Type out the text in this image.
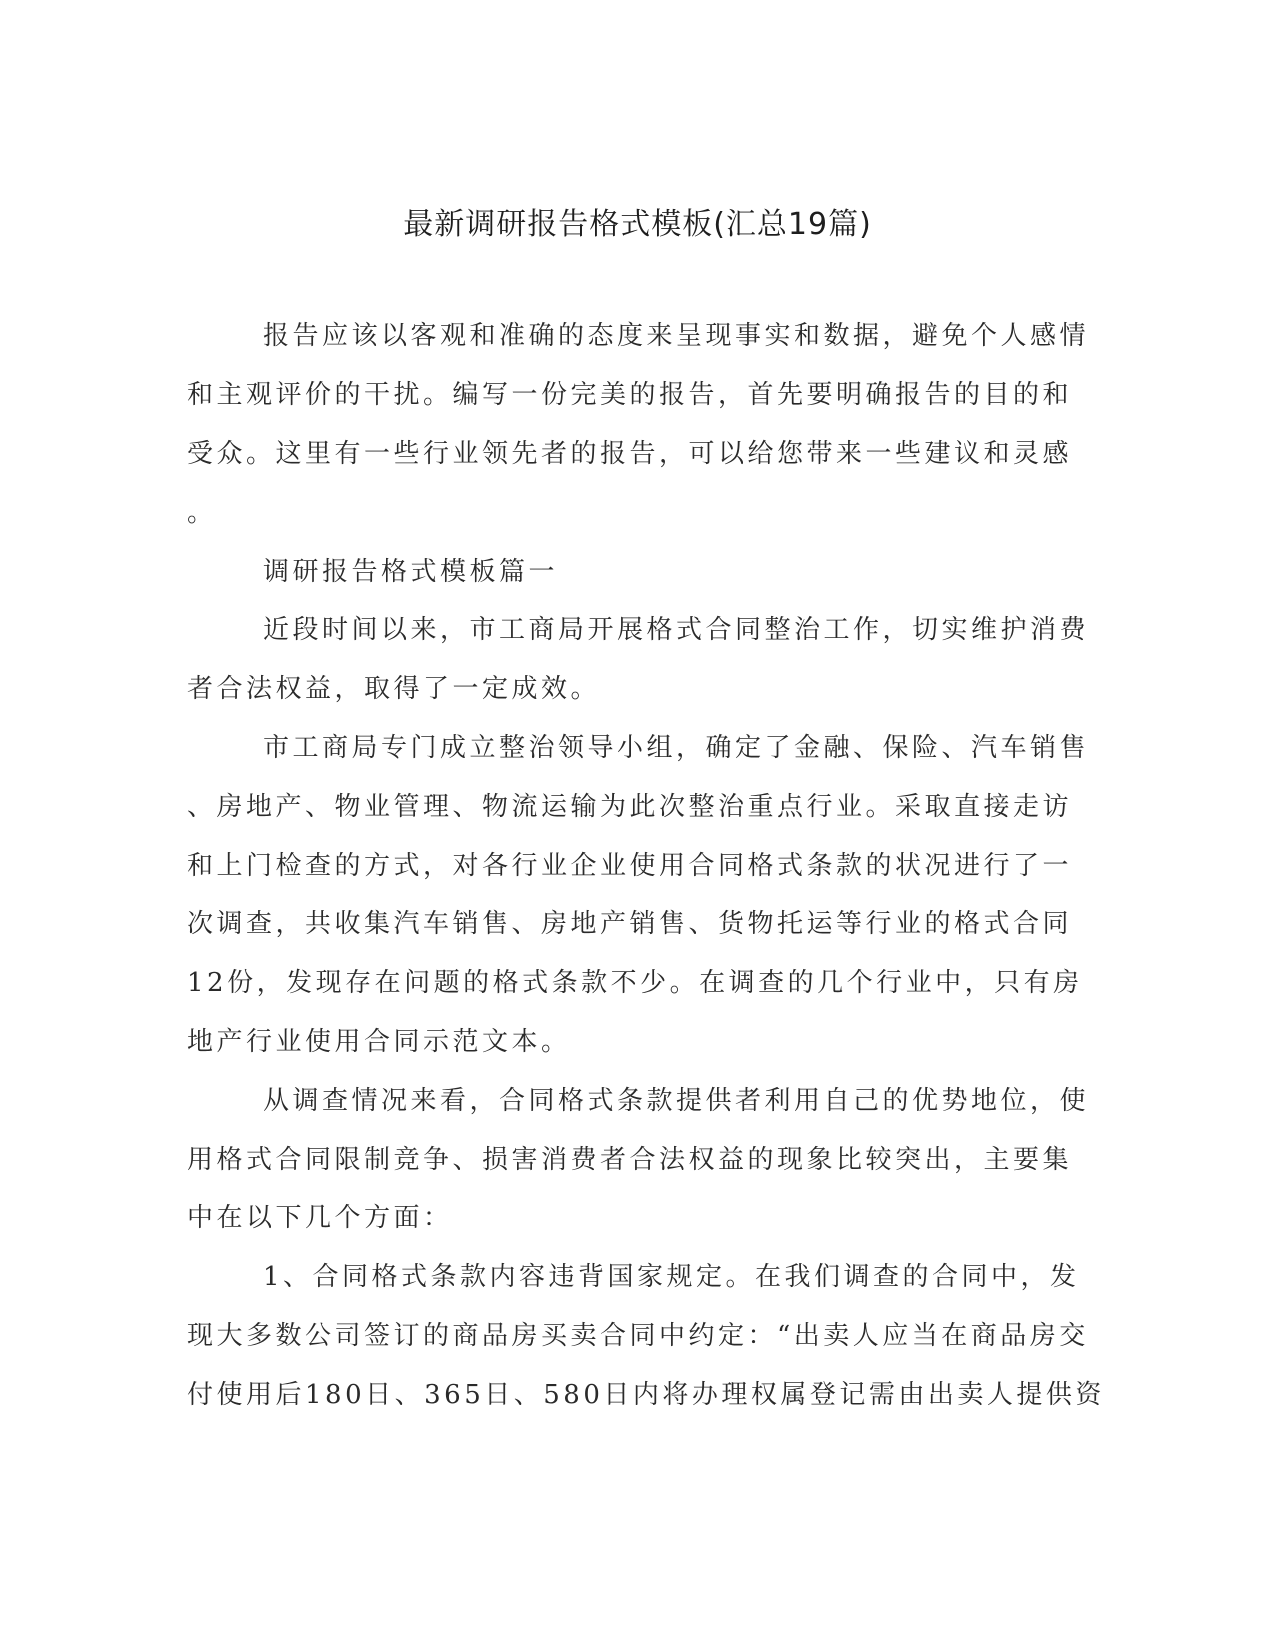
最新调研报告格式模板(汇总19篇)
报告应该以客观和准确的态度来呈现事实和数据，避免个人感情
和主观评价的干扰。编写一份完美的报告，首先要明确报告的目的和
受众。这里有一些行业领先者的报告，可以给您带来一些建议和灵感
。
调研报告格式模板篇一
近段时间以来，市工商局开展格式合同整治工作，切实维护消费
者合法权益，取得了一定成效。
市工商局专门成立整治领导小组，确定了金融、保险、汽车销售
、房地产、物业管理、物流运输为此次整治重点行业。采取直接走访
和上门检查的方式，对各行业企业使用合同格式条款的状况进行了一
次调查，共收集汽车销售、房地产销售、货物托运等行业的格式合同
12份，发现存在问题的格式条款不少。在调查的几个行业中，只有房
地产行业使用合同示范文本。
从调查情况来看，合同格式条款提供者利用自己的优势地位，使
用格式合同限制竞争、损害消费者合法权益的现象比较突出，主要集
中在以下几个方面：
1、合同格式条款内容违背国家规定。在我们调查的合同中，发
现大多数公司签订的商品房买卖合同中约定：“出卖人应当在商品房交
付使用后180日、365日、580日内将办理权属登记需由出卖人提供资
